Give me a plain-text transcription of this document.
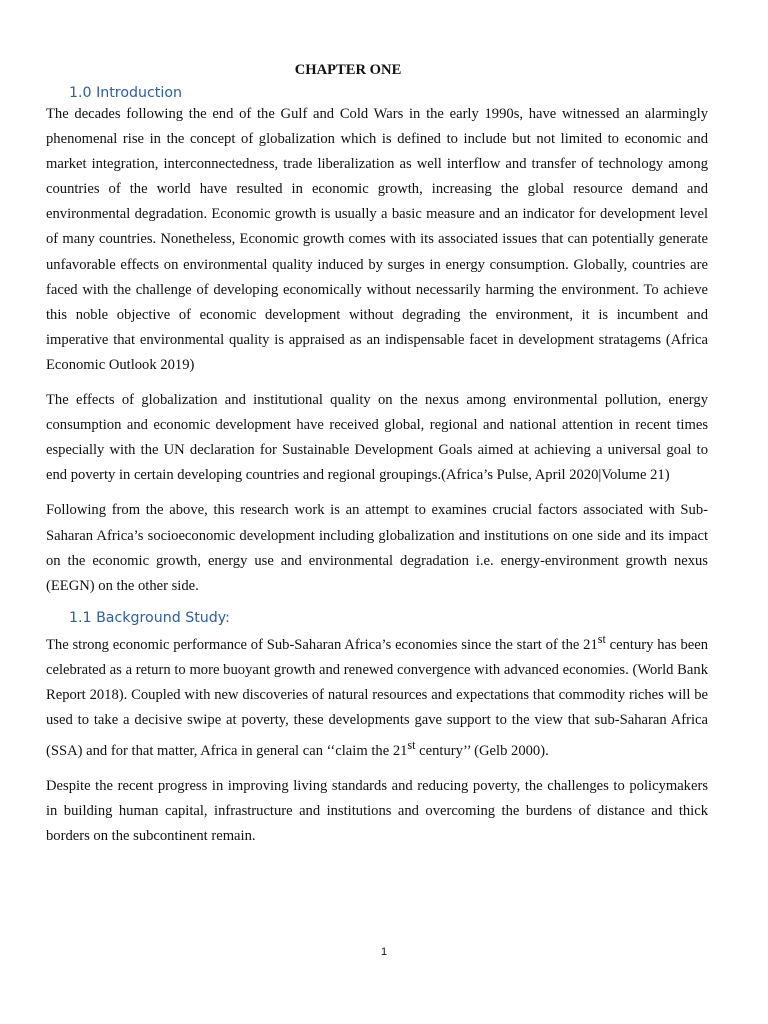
CHAPTER ONE
1.0 Introduction

The decades following the end of the Gulf and Cold Wars in the early 1990s, have witnessed an alarmingly phenomenal rise in the concept of globalization which is defined to include but not limited to economic and market integration, interconnectedness, trade liberalization as well interflow and transfer of technology among countries of the world have resulted in economic growth, increasing the global resource demand and environmental degradation. Economic growth is usually a basic measure and an indicator for development level of many countries. Nonetheless, Economic growth comes with its associated issues that can potentially generate unfavorable effects on environmental quality induced by surges in energy consumption. Globally, countries are faced with the challenge of developing economically without necessarily harming the environment. To achieve this noble objective of economic development without degrading the environment, it is incumbent and imperative that environmental quality is appraised as an indispensable facet in development stratagems (Africa Economic Outlook 2019)

The effects of globalization and institutional quality on the nexus among environmental pollution, energy consumption and economic development have received global, regional and national attention in recent times especially with the UN declaration for Sustainable Development Goals aimed at achieving a universal goal to end poverty in certain developing countries and regional groupings.(Africa’s Pulse, April 2020|Volume 21)

Following from the above, this research work is an attempt to examines crucial factors associated with Sub-Saharan Africa’s socioeconomic development including globalization and institutions on one side and its impact on the economic growth, energy use and environmental degradation i.e. energy-environment growth nexus (EEGN) on the other side.

1.1 Background Study:

The strong economic performance of Sub-Saharan Africa’s economies since the start of the 21st century has been celebrated as a return to more buoyant growth and renewed convergence with advanced economies. (World Bank Report 2018). Coupled with new discoveries of natural resources and expectations that commodity riches will be used to take a decisive swipe at poverty, these developments gave support to the view that sub-Saharan Africa (SSA) and for that matter, Africa in general can ‘‘claim the 21st century’’ (Gelb 2000).

Despite the recent progress in improving living standards and reducing poverty, the challenges to policymakers in building human capital, infrastructure and institutions and overcoming the burdens of distance and thick borders on the subcontinent remain.

1
